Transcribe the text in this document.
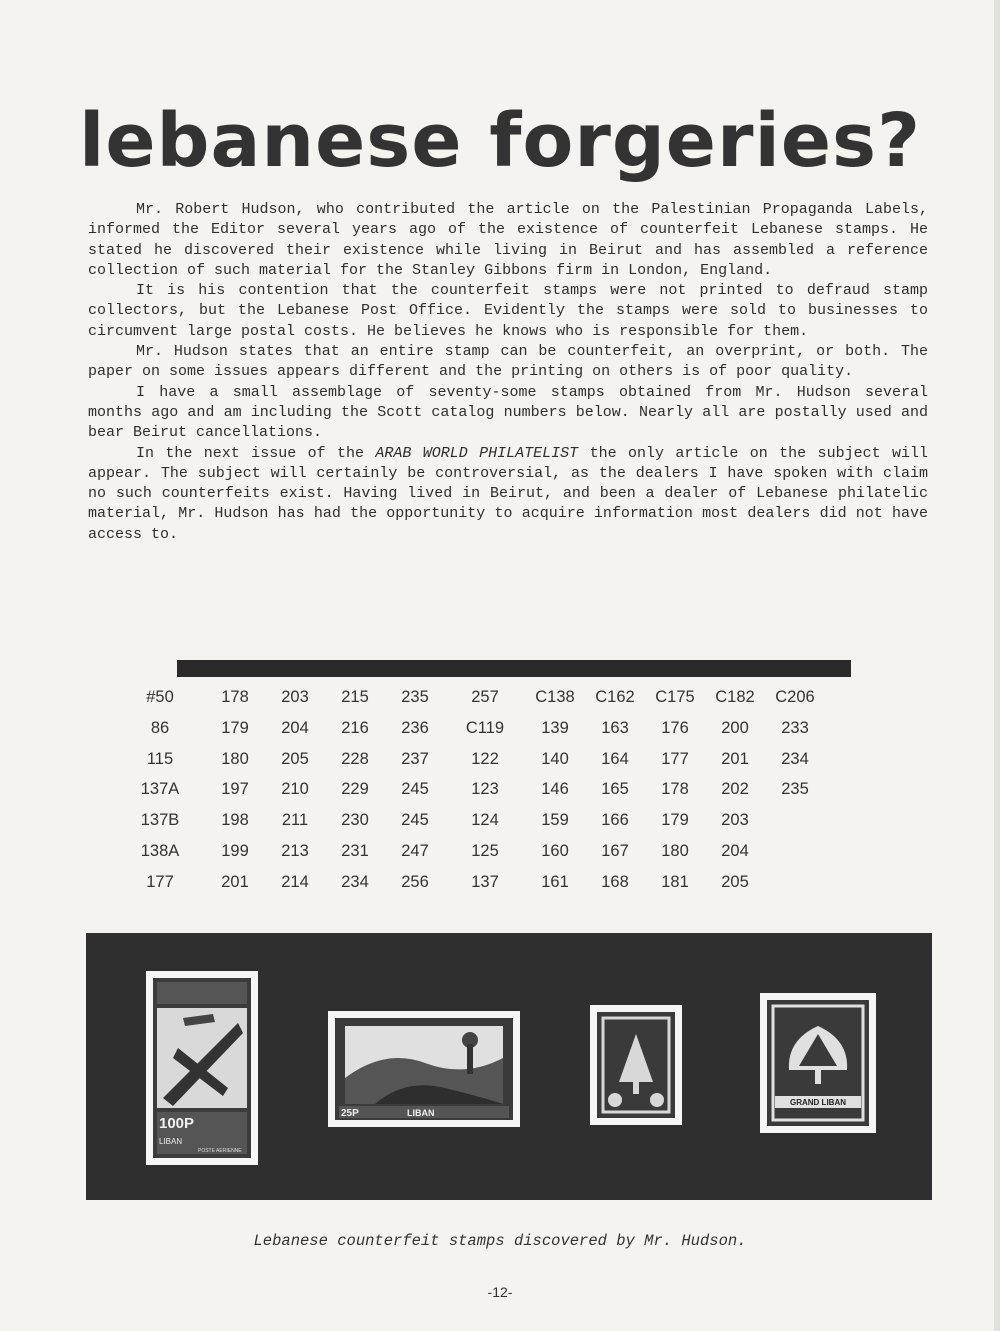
lebanese forgeries?

Mr. Robert Hudson, who contributed the article on the Palestinian Propaganda Labels, informed the Editor several years ago of the existence of counterfeit Lebanese stamps. He stated he discovered their existence while living in Beirut and has assembled a reference collection of such material for the Stanley Gibbons firm in London, England.

It is his contention that the counterfeit stamps were not printed to defraud stamp collectors, but the Lebanese Post Office. Evidently the stamps were sold to businesses to circumvent large postal costs. He believes he knows who is responsible for them.

Mr. Hudson states that an entire stamp can be counterfeit, an overprint, or both. The paper on some issues appears different and the printing on others is of poor quality.

I have a small assemblage of seventy-some stamps obtained from Mr. Hudson several months ago and am including the Scott catalog numbers below. Nearly all are postally used and bear Beirut cancellations.

In the next issue of the ARAB WORLD PHILATELIST the only article on the subject will appear. The subject will certainly be controversial, as the dealers I have spoken with claim no such counterfeits exist. Having lived in Beirut, and been a dealer of Lebanese philatelic material, Mr. Hudson has had the opportunity to acquire information most dealers did not have access to.

#50
86
115
137A
137B
138A
177
178
179
180
197
198
199
201
203
204
205
210
211
213
214
215
216
228
229
230
231
234
235
236
237
245
245
247
256
257
C119
122
123
124
125
137
C138
139
140
146
159
160
161
C162
163
164
165
166
167
168
C175
176
177
178
179
180
181
C182
200
201
202
203
204
205
C206
233
234
235
100P
LIBAN
POSTE AERIENNE
25P	LIBAN
GRAND LIBAN
Lebanese counterfeit stamps discovered by Mr. Hudson.
-12-
